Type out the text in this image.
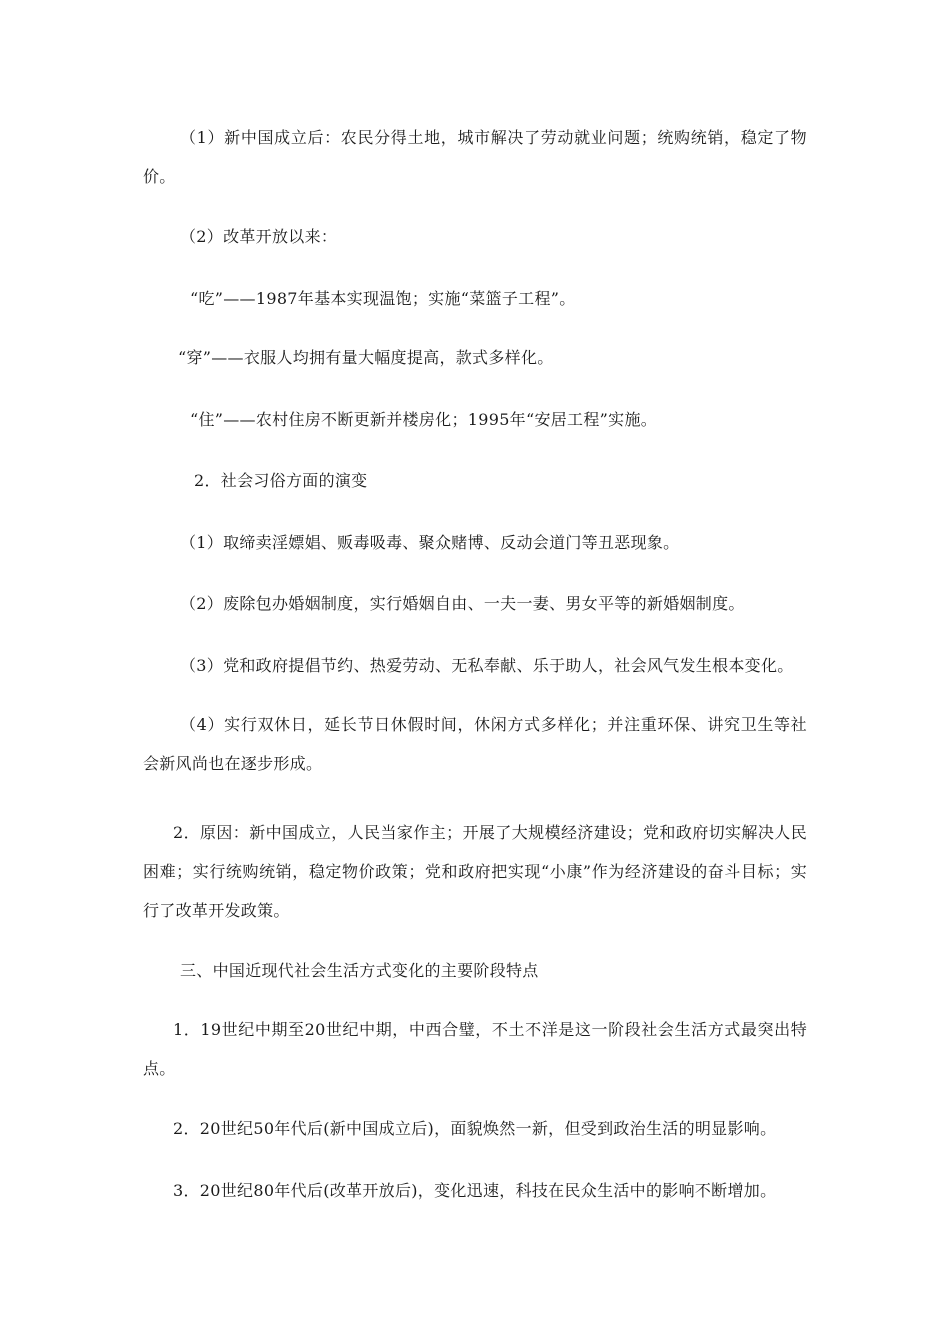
（1）新中国成立后：农民分得土地，城市解决了劳动就业问题；统购统销，稳定了物价。
（2）改革开放以来：
“吃”——1987年基本实现温饱；实施“菜篮子工程”。
“穿”——衣服人均拥有量大幅度提高，款式多样化。
“住”——农村住房不断更新并楼房化；1995年“安居工程”实施。
2．社会习俗方面的演变
（1）取缔卖淫嫖娼、贩毒吸毒、聚众赌博、反动会道门等丑恶现象。
（2）废除包办婚姻制度，实行婚姻自由、一夫一妻、男女平等的新婚姻制度。
（3）党和政府提倡节约、热爱劳动、无私奉献、乐于助人，社会风气发生根本变化。
（4）实行双休日，延长节日休假时间，休闲方式多样化；并注重环保、讲究卫生等社会新风尚也在逐步形成。
2．原因：新中国成立，人民当家作主；开展了大规模经济建设；党和政府切实解决人民困难；实行统购统销，稳定物价政策；党和政府把实现“小康”作为经济建设的奋斗目标；实行了改革开发政策。
三、中国近现代社会生活方式变化的主要阶段特点
1．19世纪中期至20世纪中期，中西合璧，不土不洋是这一阶段社会生活方式最突出特点。
2．20世纪50年代后(新中国成立后)，面貌焕然一新，但受到政治生活的明显影响。
3．20世纪80年代后(改革开放后)，变化迅速，科技在民众生活中的影响不断增加。
